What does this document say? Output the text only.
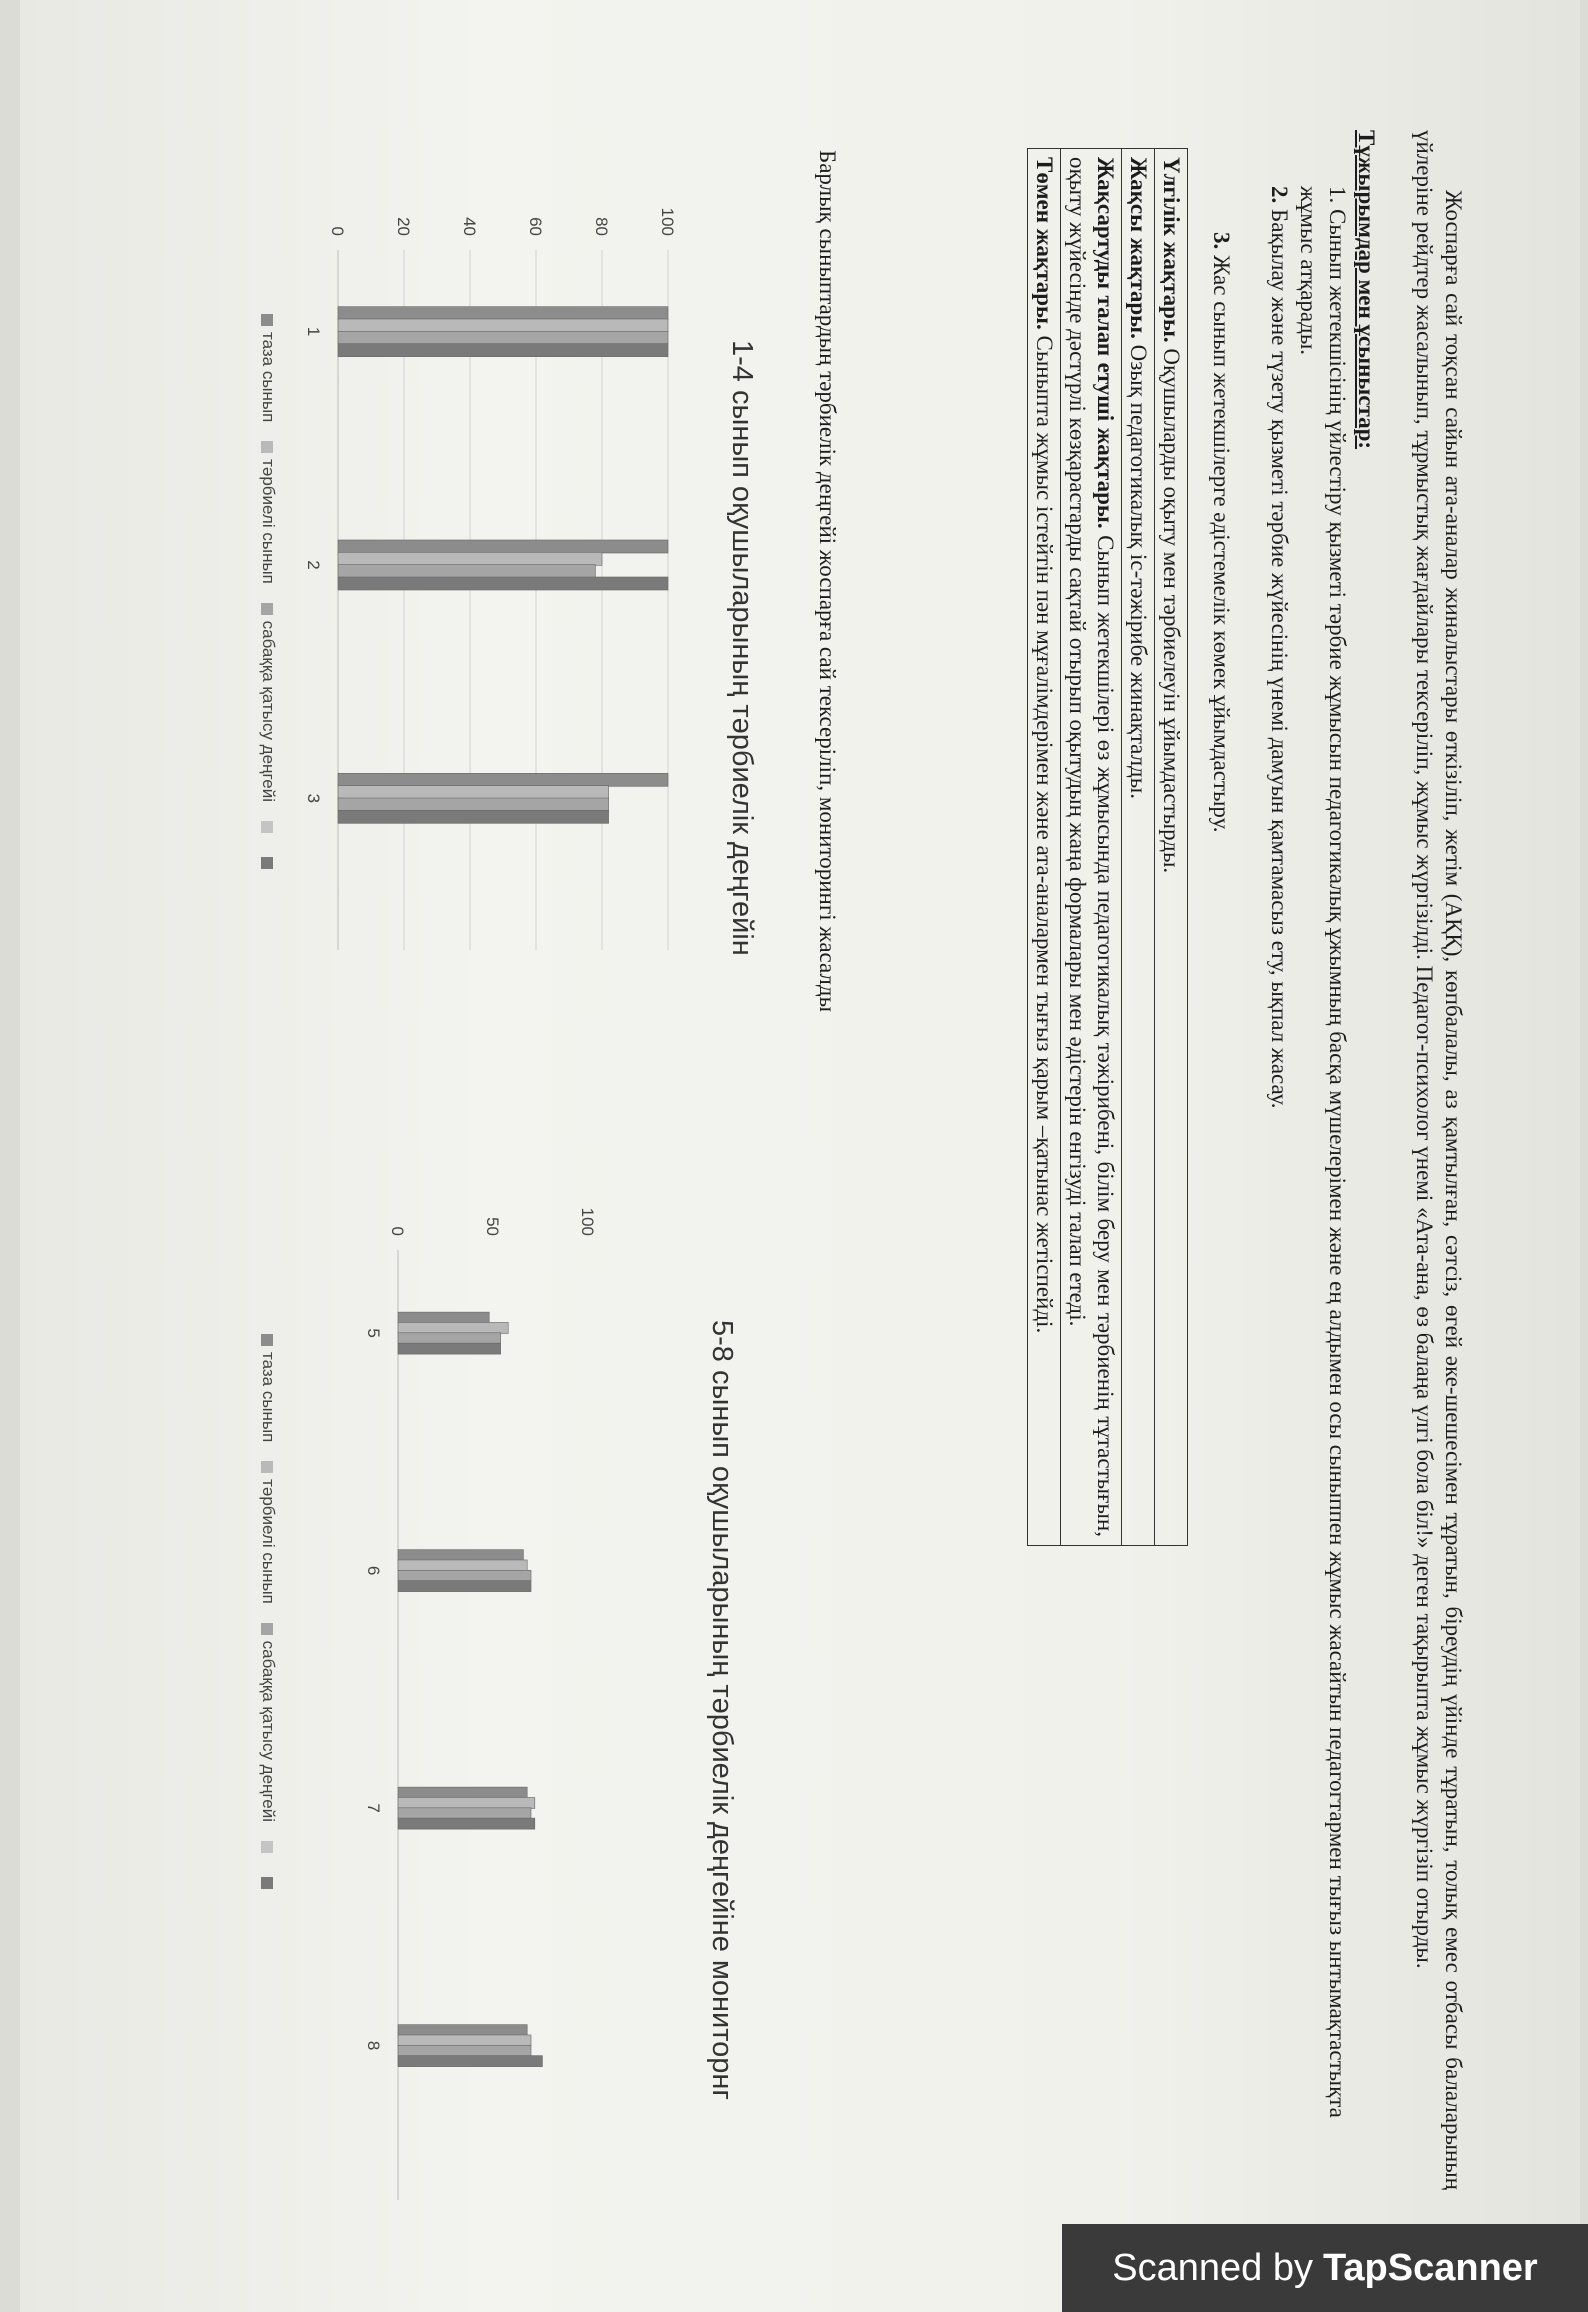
Жоспарға сай тоқсан сайын ата-аналар жиналыстары өткізіліп, жетім (АҚҚ), көпбалалы, аз қамтылған, сәтсіз, өгей әке-шешесімен тұратын, біреудің үйінде тұратын, толық емес отбасы балаларының үйлеріне рейдтер жасалынып, тұрмыстық жағдайлары тексеріліп, жұмыс жүргізілді. Педагог-психолог үнемі «Ата-ана, өз балаңа үлгі бола біл!» деген тақырыпта жұмыс жүргізіп отырды.
Тұжырымдар мен ұсыныстар:
1. Сынып жетекшісінің үйлестіру қызметі тәрбие жұмысын педагогикалық ұжымның басқа мүшелерімен және ең алдымен осы сыныппен жұмыс жасайтын педагогтармен тығыз ынтымақтастықта жұмыс атқарады.
2. Бақылау және түзету қызметі тәрбие жүйесінің үнемі дамуын қамтамасыз ету, ықпал жасау.
3. Жас сынып жетекшілерге әдістемелік көмек ұйымдастыру.
Үлгілік жақтары. Оқушыларды оқыту мен тәрбиелеуін ұйымдастырды.
Жақсы жақтары. Озық педагогикалық іс-тәжірибе жинақталды.
Жақсартуды талап етуші жақтары. Сынып жетекшілері өз жұмысында педагогикалық тәжірибені, білім беру мен тәрбиенің тұтастығын, оқыту жүйесінде дәстүрлі көзқарастарды сақтай отырып оқытудың жаңа формалары мен әдістерін енгізуді талап етеді.
Төмен жақтары. Сыныпта жұмыс істейтін пән мұғалімдерімен және ата-аналармен тығыз қарым –қатынас жетіспейді.
Барлық сыныптардың тәрбиелік деңгейі жоспарға сай тексеріліп, мониторингі жасалды
1-4 сынып оқушыларының тәрбиелік деңгейін
0	20	40	60	80	100
1
2
3
таза сынып тәрбиелі сынып сабаққа қатысу деңгейі
5-8 сынып оқушыларының тәрбиелік деңгейіне мониторнг
0	50	100
5
6
7
8
таза сынып тәрбиелі сынып сабаққа қатысу деңгейі
Scanned by TapScanner
